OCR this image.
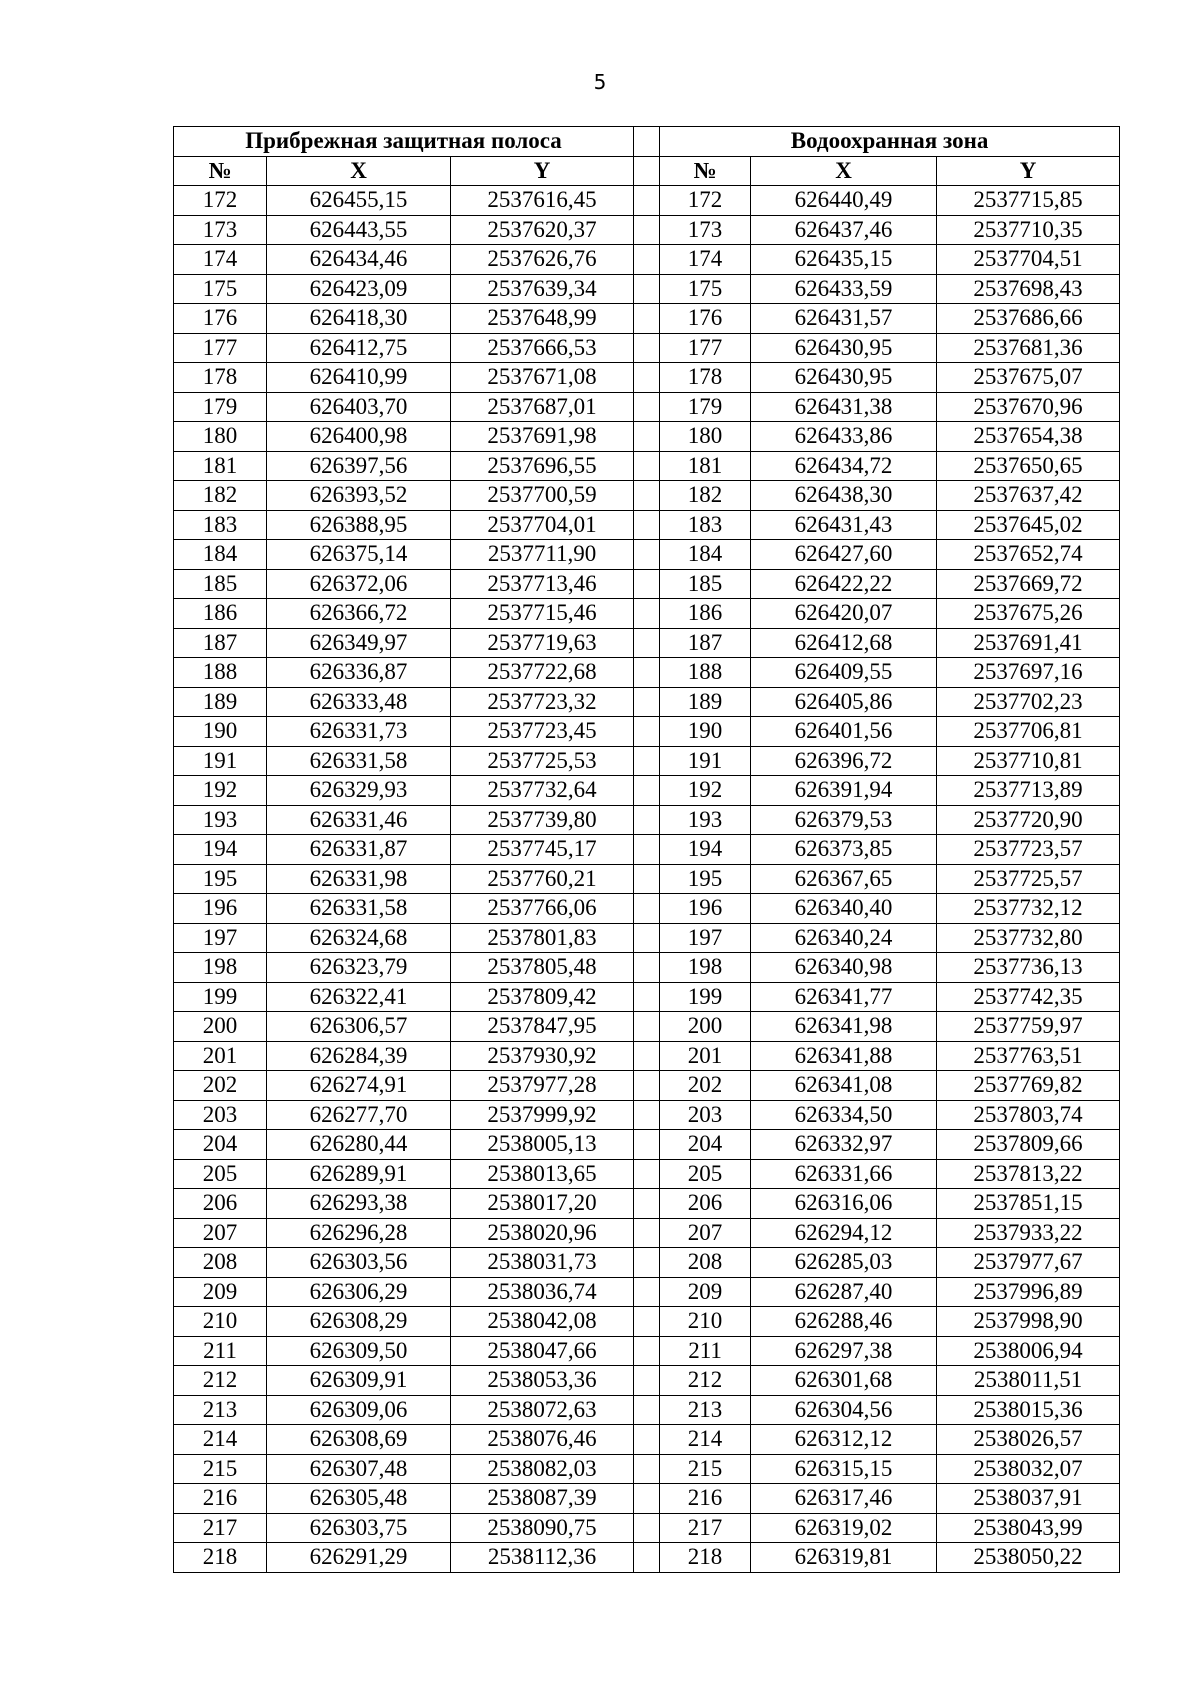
5
Прибрежная защитная полоса				Водоохранная зона		
№	X	Y		№	X	Y
172	626455,15	2537616,45		172	626440,49	2537715,85
173	626443,55	2537620,37		173	626437,46	2537710,35
174	626434,46	2537626,76		174	626435,15	2537704,51
175	626423,09	2537639,34		175	626433,59	2537698,43
176	626418,30	2537648,99		176	626431,57	2537686,66
177	626412,75	2537666,53		177	626430,95	2537681,36
178	626410,99	2537671,08		178	626430,95	2537675,07
179	626403,70	2537687,01		179	626431,38	2537670,96
180	626400,98	2537691,98		180	626433,86	2537654,38
181	626397,56	2537696,55		181	626434,72	2537650,65
182	626393,52	2537700,59		182	626438,30	2537637,42
183	626388,95	2537704,01		183	626431,43	2537645,02
184	626375,14	2537711,90		184	626427,60	2537652,74
185	626372,06	2537713,46		185	626422,22	2537669,72
186	626366,72	2537715,46		186	626420,07	2537675,26
187	626349,97	2537719,63		187	626412,68	2537691,41
188	626336,87	2537722,68		188	626409,55	2537697,16
189	626333,48	2537723,32		189	626405,86	2537702,23
190	626331,73	2537723,45		190	626401,56	2537706,81
191	626331,58	2537725,53		191	626396,72	2537710,81
192	626329,93	2537732,64		192	626391,94	2537713,89
193	626331,46	2537739,80		193	626379,53	2537720,90
194	626331,87	2537745,17		194	626373,85	2537723,57
195	626331,98	2537760,21		195	626367,65	2537725,57
196	626331,58	2537766,06		196	626340,40	2537732,12
197	626324,68	2537801,83		197	626340,24	2537732,80
198	626323,79	2537805,48		198	626340,98	2537736,13
199	626322,41	2537809,42		199	626341,77	2537742,35
200	626306,57	2537847,95		200	626341,98	2537759,97
201	626284,39	2537930,92		201	626341,88	2537763,51
202	626274,91	2537977,28		202	626341,08	2537769,82
203	626277,70	2537999,92		203	626334,50	2537803,74
204	626280,44	2538005,13		204	626332,97	2537809,66
205	626289,91	2538013,65		205	626331,66	2537813,22
206	626293,38	2538017,20		206	626316,06	2537851,15
207	626296,28	2538020,96		207	626294,12	2537933,22
208	626303,56	2538031,73		208	626285,03	2537977,67
209	626306,29	2538036,74		209	626287,40	2537996,89
210	626308,29	2538042,08		210	626288,46	2537998,90
211	626309,50	2538047,66		211	626297,38	2538006,94
212	626309,91	2538053,36		212	626301,68	2538011,51
213	626309,06	2538072,63		213	626304,56	2538015,36
214	626308,69	2538076,46		214	626312,12	2538026,57
215	626307,48	2538082,03		215	626315,15	2538032,07
216	626305,48	2538087,39		216	626317,46	2538037,91
217	626303,75	2538090,75		217	626319,02	2538043,99
218	626291,29	2538112,36		218	626319,81	2538050,22
